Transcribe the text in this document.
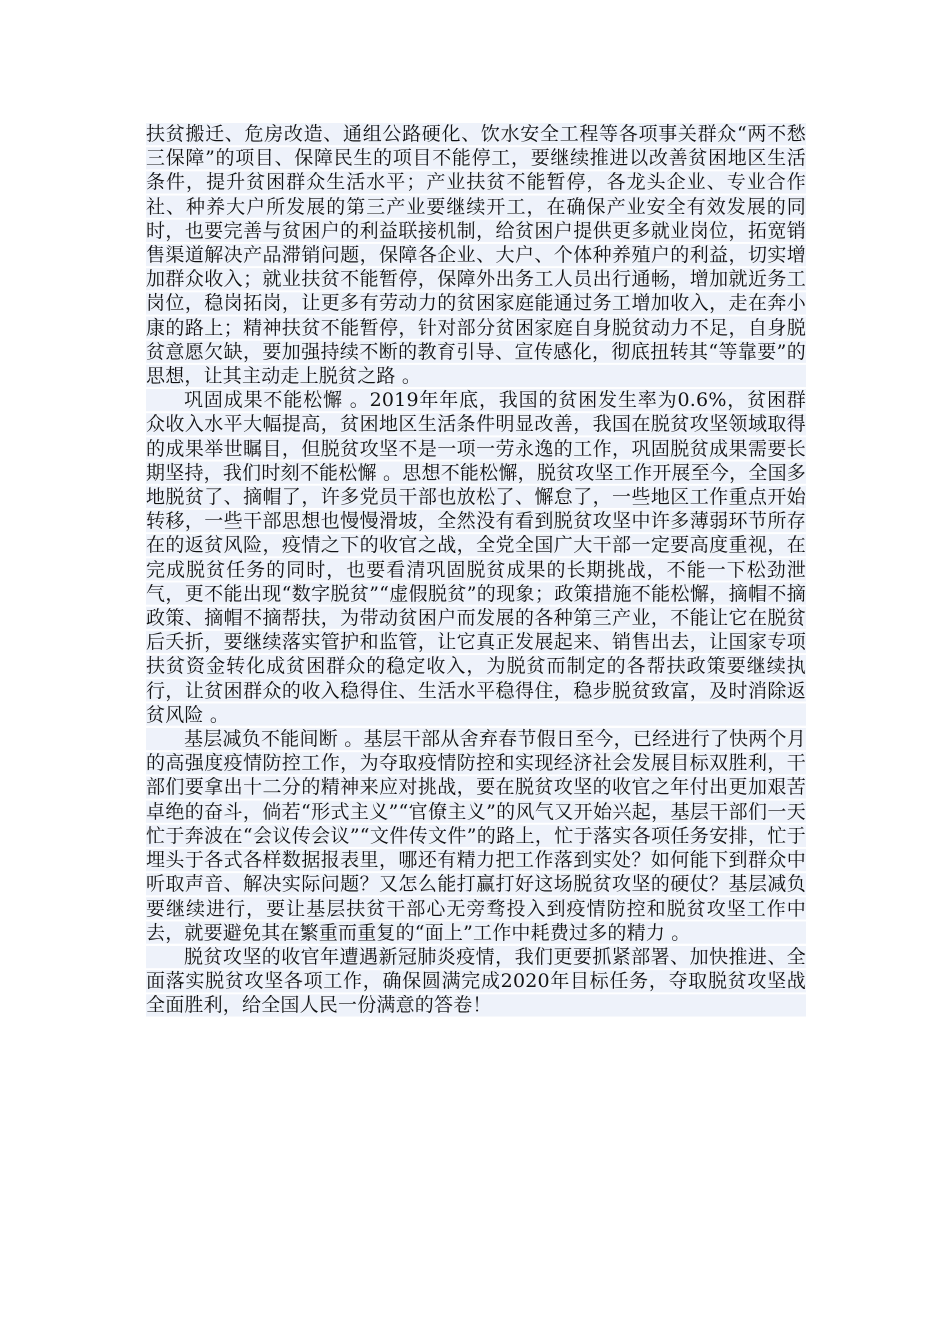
扶贫搬迁、危房改造、通组公路硬化、饮水安全工程等各项事关群众“两不愁三保障”的项目、保障民生的项目不能停工，要继续推进以改善贫困地区生活条件，提升贫困群众生活水平；产业扶贫不能暂停，各龙头企业、专业合作社、种养大户所发展的第三产业要继续开工，在确保产业安全有效发展的同时，也要完善与贫困户的利益联接机制，给贫困户提供更多就业岗位，拓宽销售渠道解决产品滞销问题，保障各企业、大户、个体种养殖户的利益，切实增加群众收入；就业扶贫不能暂停，保障外出务工人员出行通畅，增加就近务工岗位，稳岗拓岗，让更多有劳动力的贫困家庭能通过务工增加收入，走在奔小康的路上；精神扶贫不能暂停，针对部分贫困家庭自身脱贫动力不足，自身脱贫意愿欠缺，要加强持续不断的教育引导、宣传感化，彻底扭转其“等靠要”的思想，让其主动走上脱贫之路 。

巩固成果不能松懈 。2019年年底，我国的贫困发生率为0.6%，贫困群众收入水平大幅提高，贫困地区生活条件明显改善，我国在脱贫攻坚领域取得的成果举世瞩目，但脱贫攻坚不是一项一劳永逸的工作，巩固脱贫成果需要长期坚持，我们时刻不能松懈 。思想不能松懈，脱贫攻坚工作开展至今，全国多地脱贫了、摘帽了，许多党员干部也放松了、懈怠了，一些地区工作重点开始转移，一些干部思想也慢慢滑坡，全然没有看到脱贫攻坚中许多薄弱环节所存在的返贫风险，疫情之下的收官之战，全党全国广大干部一定要高度重视，在完成脱贫任务的同时，也要看清巩固脱贫成果的长期挑战，不能一下松劲泄气，更不能出现“数字脱贫”“虚假脱贫”的现象；政策措施不能松懈，摘帽不摘政策、摘帽不摘帮扶，为带动贫困户而发展的各种第三产业，不能让它在脱贫后夭折，要继续落实管护和监管，让它真正发展起来、销售出去，让国家专项扶贫资金转化成贫困群众的稳定收入，为脱贫而制定的各帮扶政策要继续执行，让贫困群众的收入稳得住、生活水平稳得住，稳步脱贫致富，及时消除返贫风险 。

基层减负不能间断 。基层干部从舍弃春节假日至今，已经进行了快两个月的高强度疫情防控工作，为夺取疫情防控和实现经济社会发展目标双胜利，干部们要拿出十二分的精神来应对挑战，要在脱贫攻坚的收官之年付出更加艰苦卓绝的奋斗，倘若“形式主义”“官僚主义”的风气又开始兴起，基层干部们一天忙于奔波在“会议传会议”“文件传文件”的路上，忙于落实各项任务安排，忙于埋头于各式各样数据报表里，哪还有精力把工作落到实处？如何能下到群众中听取声音、解决实际问题？又怎么能打赢打好这场脱贫攻坚的硬仗？基层减负要继续进行，要让基层扶贫干部心无旁骛投入到疫情防控和脱贫攻坚工作中去，就要避免其在繁重而重复的“面上”工作中耗费过多的精力 。

脱贫攻坚的收官年遭遇新冠肺炎疫情，我们更要抓紧部署、加快推进、全面落实脱贫攻坚各项工作，确保圆满完成2020年目标任务，夺取脱贫攻坚战全面胜利，给全国人民一份满意的答卷！
